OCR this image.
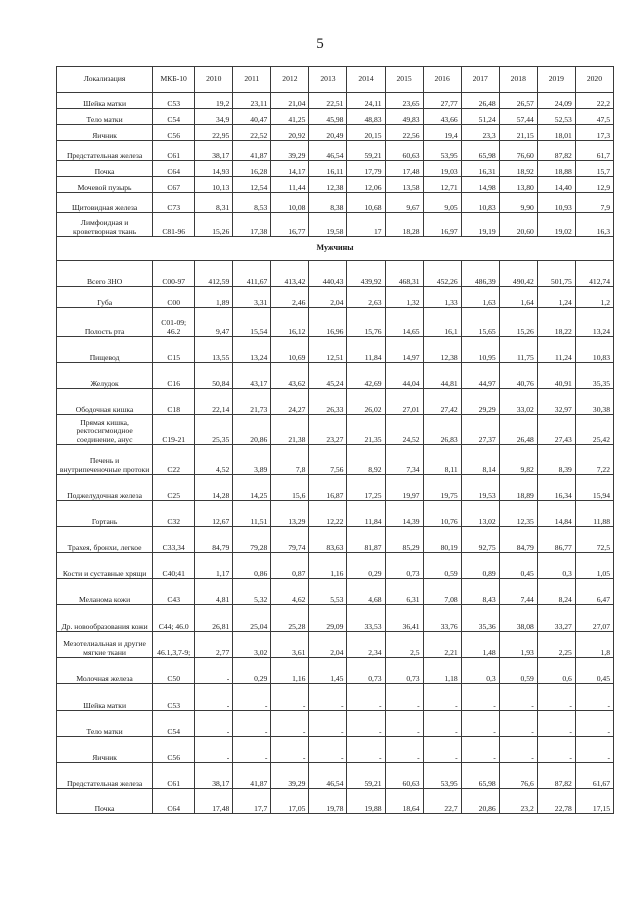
5
Локализация	МКБ-10	2010	2011	2012	2013	2014	2015	2016	2017	2018	2019	2020
Шейка матки	C53	19,2	23,11	21,04	22,51	24,11	23,65	27,77	26,48	26,57	24,09	22,2
Тело матки	C54	34,9	40,47	41,25	45,98	48,83	49,83	43,66	51,24	57,44	52,53	47,5
Яичник	C56	22,95	22,52	20,92	20,49	20,15	22,56	19,4	23,3	21,15	18,01	17,3
Предстательная железа	C61	38,17	41,87	39,29	46,54	59,21	60,63	53,95	65,98	76,60	87,82	61,7
Почка	C64	14,93	16,28	14,17	16,11	17,79	17,48	19,03	16,31	18,92	18,88	15,7
Мочевой пузырь	C67	10,13	12,54	11,44	12,38	12,06	13,58	12,71	14,98	13,80	14,40	12,9
Щитовидная железа	C73	8,31	8,53	10,08	8,38	10,68	9,67	9,05	10,83	9,90	10,93	7,9
Лимфоидная и кроветворная ткань	C81-96	15,26	17,38	16,77	19,58	17	18,28	16,97	19,19	20,60	19,02	16,3
Мужчины												
Всего ЗНО	C00-97	412,59	411,67	413,42	440,43	439,92	468,31	452,26	486,39	490,42	501,75	412,74
Губа	C00	1,89	3,31	2,46	2,04	2,63	1,32	1,33	1,63	1,64	1,24	1,2
Полость рта	C01-09; 46.2	9,47	15,54	16,12	16,96	15,76	14,65	16,1	15,65	15,26	18,22	13,24
Пищевод	C15	13,55	13,24	10,69	12,51	11,84	14,97	12,38	10,95	11,75	11,24	10,83
Желудок	C16	50,84	43,17	43,62	45,24	42,69	44,04	44,81	44,97	40,76	40,91	35,35
Ободочная кишка	C18	22,14	21,73	24,27	26,33	26,02	27,01	27,42	29,29	33,02	32,97	30,38
Прямая кишка, ректосигмоидное соединение, анус	C19-21	25,35	20,86	21,38	23,27	21,35	24,52	26,83	27,37	26,48	27,43	25,42
Печень и внутрипеченочные протоки	C22	4,52	3,89	7,8	7,56	8,92	7,34	8,11	8,14	9,82	8,39	7,22
Поджелудочная железа	C25	14,28	14,25	15,6	16,87	17,25	19,97	19,75	19,53	18,89	16,34	15,94
Гортань	C32	12,67	11,51	13,29	12,22	11,84	14,39	10,76	13,02	12,35	14,84	11,88
Трахея, бронхи, легкое	C33,34	84,79	79,28	79,74	83,63	81,87	85,29	80,19	92,75	84,79	86,77	72,5
Кости и суставные хрящи	C40;41	1,17	0,86	0,87	1,16	0,29	0,73	0,59	0,89	0,45	0,3	1,05
Меланома кожи	C43	4,81	5,32	4,62	5,53	4,68	6,31	7,08	8,43	7,44	8,24	6,47
Др. новообразования кожи	C44; 46.0	26,81	25,04	25,28	29,09	33,53	36,41	33,76	35,36	38,08	33,27	27,07
Мезотелиальная и другие мягкие ткани	46.1,3,7-9;	2,77	3,02	3,61	2,04	2,34	2,5	2,21	1,48	1,93	2,25	1,8
Молочная железа	C50	-	0,29	1,16	1,45	0,73	0,73	1,18	0,3	0,59	0,6	0,45
Шейка матки	C53	-	-	-	-	-	-	-	-	-	-	-
Тело матки	C54	-	-	-	-	-	-	-	-	-	-	-
Яичник	C56	-	-	-	-	-	-	-	-	-	-	-
Предстательная железа	C61	38,17	41,87	39,29	46,54	59,21	60,63	53,95	65,98	76,6	87,82	61,67
Почка	C64	17,48	17,7	17,05	19,78	19,88	18,64	22,7	20,86	23,2	22,78	17,15
